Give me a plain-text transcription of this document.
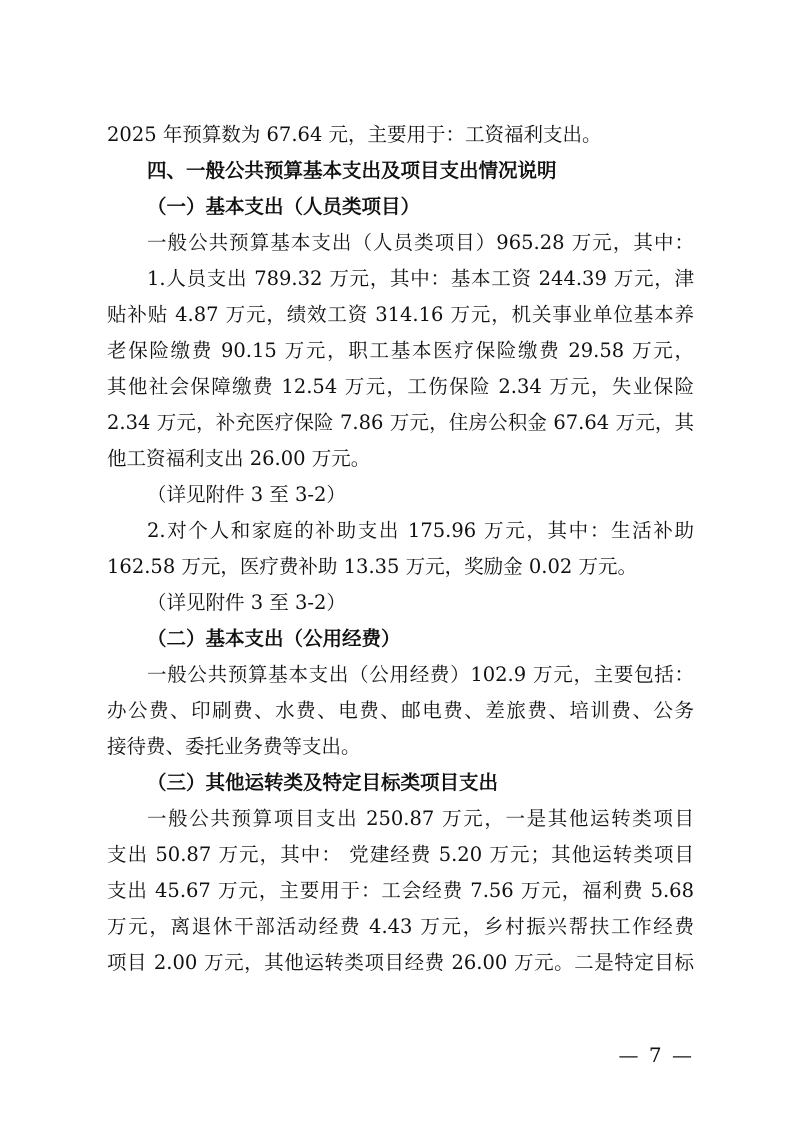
2025 年预算数为 67.64 元，主要用于：工资福利支出。
四、一般公共预算基本支出及项目支出情况说明
（一）基本支出（人员类项目）
一般公共预算基本支出（人员类项目）965.28 万元，其中：
1.人员支出 789.32 万元，其中：基本工资 244.39 万元，津
贴补贴 4.87 万元，绩效工资 314.16 万元，机关事业单位基本养
老保险缴费 90.15 万元，职工基本医疗保险缴费 29.58 万元，
其他社会保障缴费 12.54 万元，工伤保险 2.34 万元，失业保险
2.34 万元，补充医疗保险 7.86 万元，住房公积金 67.64 万元，其
他工资福利支出 26.00 万元。
（详见附件 3 至 3-2）
2.对个人和家庭的补助支出 175.96 万元，其中：生活补助
162.58 万元，医疗费补助 13.35 万元，奖励金 0.02 万元。
（详见附件 3 至 3-2）
（二）基本支出（公用经费）
一般公共预算基本支出（公用经费）102.9 万元，主要包括：
办公费、印刷费、水费、电费、邮电费、差旅费、培训费、公务
接待费、委托业务费等支出。
（三）其他运转类及特定目标类项目支出
一般公共预算项目支出 250.87 万元，一是其他运转类项目
支出 50.87 万元，其中： 党建经费 5.20 万元；其他运转类项目
支出 45.67 万元，主要用于：工会经费 7.56 万元，福利费 5.68
万元，离退休干部活动经费 4.43 万元，乡村振兴帮扶工作经费
项目 2.00 万元，其他运转类项目经费 26.00 万元。二是特定目标
— 7 —
